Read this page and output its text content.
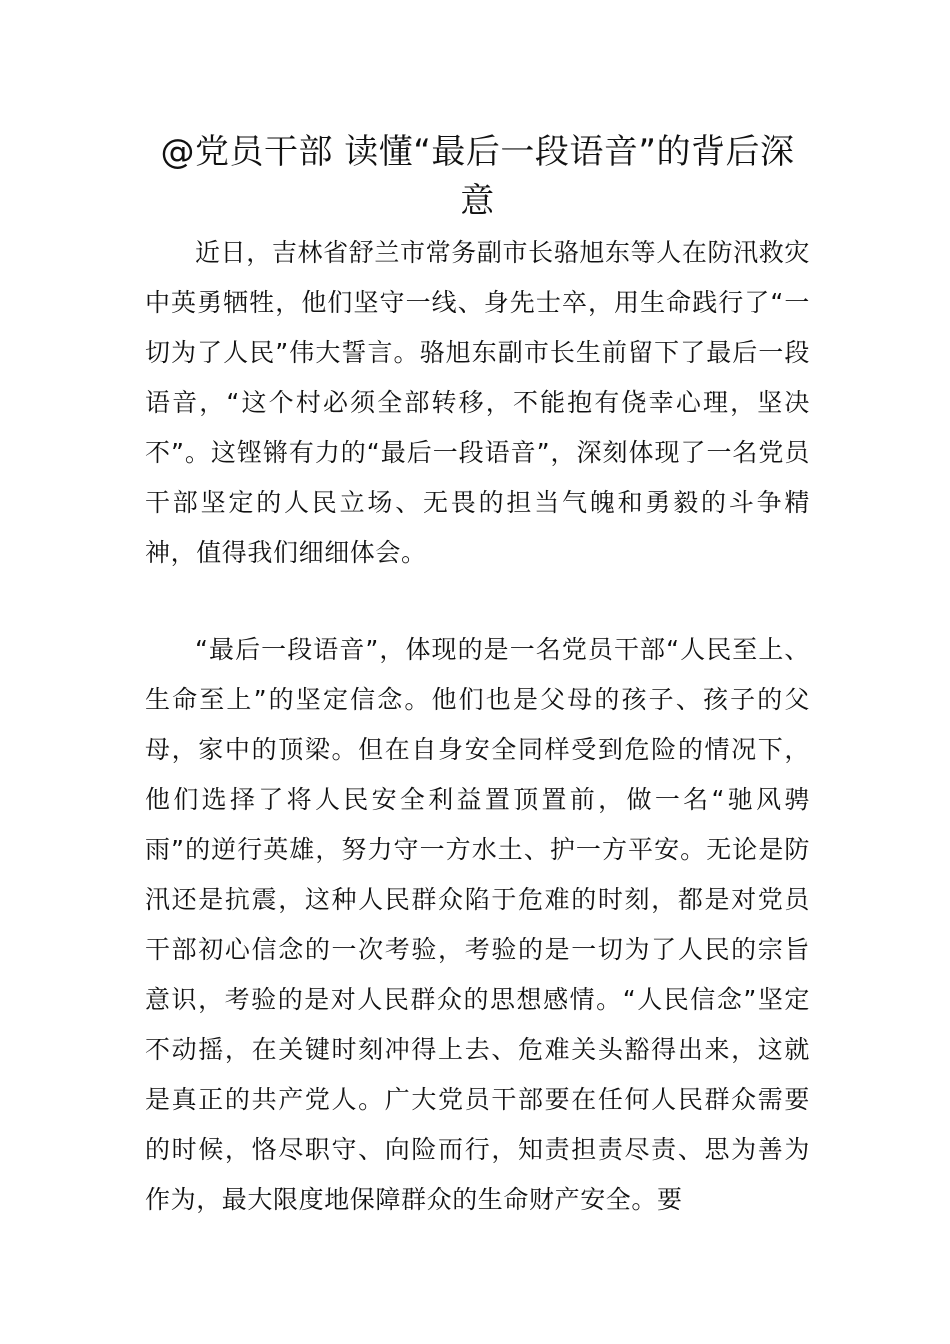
@党员干部 读懂“最后一段语音”的背后深意

近日，吉林省舒兰市常务副市长骆旭东等人在防汛救灾中英勇牺牲，他们坚守一线、身先士卒，用生命践行了“一切为了人民”伟大誓言。骆旭东副市长生前留下了最后一段语音，“这个村必须全部转移，不能抱有侥幸心理，坚决不”。这铿锵有力的“最后一段语音”，深刻体现了一名党员干部坚定的人民立场、无畏的担当气魄和勇毅的斗争精神，值得我们细细体会。

“最后一段语音”，体现的是一名党员干部“人民至上、生命至上”的坚定信念。他们也是父母的孩子、孩子的父母，家中的顶梁。但在自身安全同样受到危险的情况下，他们选择了将人民安全利益置顶置前，做一名“驰风骋雨”的逆行英雄，努力守一方水土、护一方平安。无论是防汛还是抗震，这种人民群众陷于危难的时刻，都是对党员干部初心信念的一次考验，考验的是一切为了人民的宗旨意识，考验的是对人民群众的思想感情。“人民信念”坚定不动摇，在关键时刻冲得上去、危难关头豁得出来，这就是真正的共产党人。广大党员干部要在任何人民群众需要的时候，恪尽职守、向险而行，知责担责尽责、思为善为作为，最大限度地保障群众的生命财产安全。要
